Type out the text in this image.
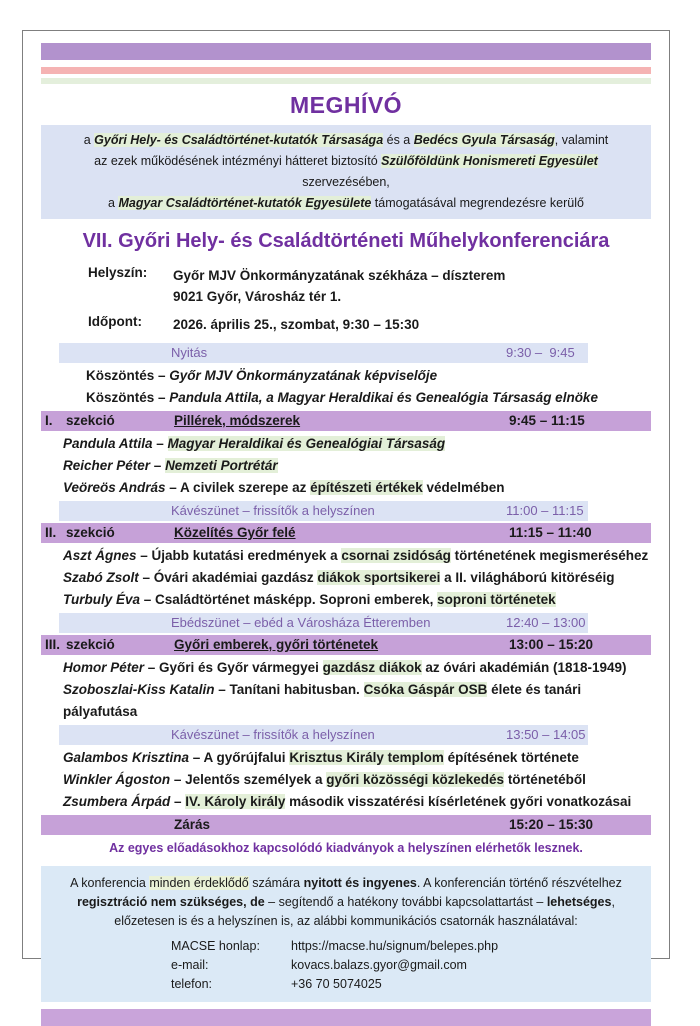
MEGHÍVÓ
a Győri Hely- és Családtörténet-kutatók Társasága és a Bedécs Gyula Társaság, valamint
az ezek működésének intézményi hátteret biztosító Szülőföldünk Honismereti Egyesület szervezésében,
a Magyar Családtörténet-kutatók Egyesülete támogatásával megrendezésre kerülő
VII. Győri Hely- és Családtörténeti Műhelykonferenciára
Helyszín:	Győr MJV Önkormányzatának székháza – díszterem
9021 Győr, Városház tér 1.
Időpont:	2026. április 25., szombat, 9:30 – 15:30
Nyitás	9:30 –  9:45
Köszöntés – Győr MJV Önkormányzatának képviselője
Köszöntés – Pandula Attila, a Magyar Heraldikai és Genealógia Társaság elnöke
I. szekció	Pillérek, módszerek	9:45 – 11:15
Pandula Attila – Magyar Heraldikai és Genealógiai Társaság
Reicher Péter – Nemzeti Portrétár
Veöreös András – A civilek szerepe az építészeti értékek védelmében
Kávészünet – frissítők a helyszínen	11:00 – 11:15
II. szekció	Közelítés Győr felé	11:15 – 11:40
Aszt Ágnes – Újabb kutatási eredmények a csornai zsidóság történetének megismeréséhez
Szabó Zsolt – Óvári akadémiai gazdász diákok sportsikerei a II. világháború kitöréséig
Turbuly Éva – Családtörténet másképp. Soproni emberek, soproni történetek
Ebédszünet – ebéd a Városháza Étteremben	12:40 – 13:00
III. szekció	Győri emberek, győri történetek	13:00 – 15:20
Homor Péter – Győri és Győr vármegyei gazdász diákok az óvári akadémián (1818-1949)
Szoboszlai-Kiss Katalin – Tanítani habitusban. Csóka Gáspár OSB élete és tanári pályafutása
Kávészünet – frissítők a helyszínen	13:50 – 14:05
Galambos Krisztina – A győrújfalui Krisztus Király templom építésének története
Winkler Ágoston – Jelentős személyek a győri közösségi közlekedés történetéből
Zsumbera Árpád – IV. Károly király második visszatérési kísérletének győri vonatkozásai
Zárás	15:20 – 15:30
Az egyes előadásokhoz kapcsolódó kiadványok a helyszínen elérhetők lesznek.
A konferencia minden érdeklődő számára nyitott és ingyenes. A konferencián történő részvételhez
regisztráció nem szükséges, de – segítendő a hatékony további kapcsolattartást – lehetséges,
előzetesen is és a helyszínen is, az alábbi kommunikációs csatornák használatával:
MACSE honlap:	https://macse.hu/signum/belepes.php
e-mail:	kovacs.balazs.gyor@gmail.com
telefon:	+36 70 5074025
